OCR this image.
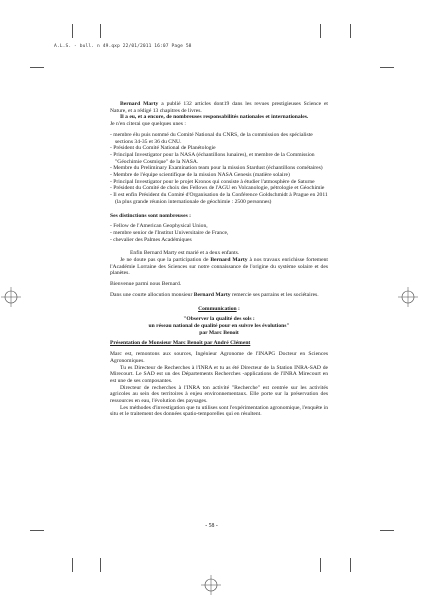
A.L.S. - bull. n 49.qxp 22/01/2011 16:07 Page 58

Bernard Marty a publié 132 articles dont19 dans les revues prestigieuses Science et Nature, et a rédigé 13 chapitres de livres.

Il a eu, et a encore, de nombreuses responsabilités nationales et internationales.

Je n'en citerai que quelques unes :

- membre élu puis nommé du Comité National du CNRS, de la commission des spécialiste sections 34-35 et 36 du CNU.
- Président du Comité National de Planétologie
- Principal Investigator pour la NASA (échantillons lunaires), et membre de la Commission "Géochimie Cosmique" de la NASA.
- Membre du Preliminary Examination team pour la mission Stardust (échantillons cométaires)
- Membre de l'équipe scientifique de la mission NASA Genesis (matière solaire)
- Principal Investigator pour le projet Kronos qui consiste à étudier l'atmosphère de Saturne
- Président du Comité de choix des Fellows de l'AGU en Volcanologie, pétrologie et Géochimie
- Il est enfin Président du Comité d'Organisation de la Conférence Goldschmidt à Prague en 2011 (la plus grande réunion internationale de géochimie : 2500 personnes)

Ses distinctions sont nombreuses :

- Fellow de l'American Geophysical Union,
- membre senior de l'Institut Universitaire de France,
- chevalier des Palmes Académiques

Enfin Bernard Marty est marié et a deux enfants.

Je ne doute pas que la participation de Bernard Marty à nos travaux enrichisse fortement l'Académie Lorraine des Sciences sur notre connaissance de l'origine du système solaire et des planètes.

Bienvenue parmi nous Bernard.

Dans une courte allocution monsieur Bernard Marty remercie ses parrains et les sociétaires.

Communication :

"Observer la qualité des sols :

un réseau national de qualité pour en suivre les évolutions"

par Marc Benoit

Présentation de Monsieur Marc Benoît par André Clément

Marc est, remontons aux sources, Ingénieur Agronome de l'INAPG Docteur en Sciences Agronomiques.

Tu es Directeur de Recherches à l'INRA et tu as été Directeur de la Station INRA-SAD de Mirecourt. Le SAD est un des Départements Recherches -applications de l'INRA Mirecourt en est une de ses composantes.

Directeur de recherches à l'INRA ton activité "Recherche" est centrée sur les activités agricoles au sein des territoires à enjeu environnementaux. Elle porte sur la préservation des ressources en eau, l'évolution des paysages.

Les méthodes d'investigation que tu utilises sont l'expérimentation agronomique, l'enquête in situ et le traitement des données spatio-temporelles qui en résultent.

- 58 -
